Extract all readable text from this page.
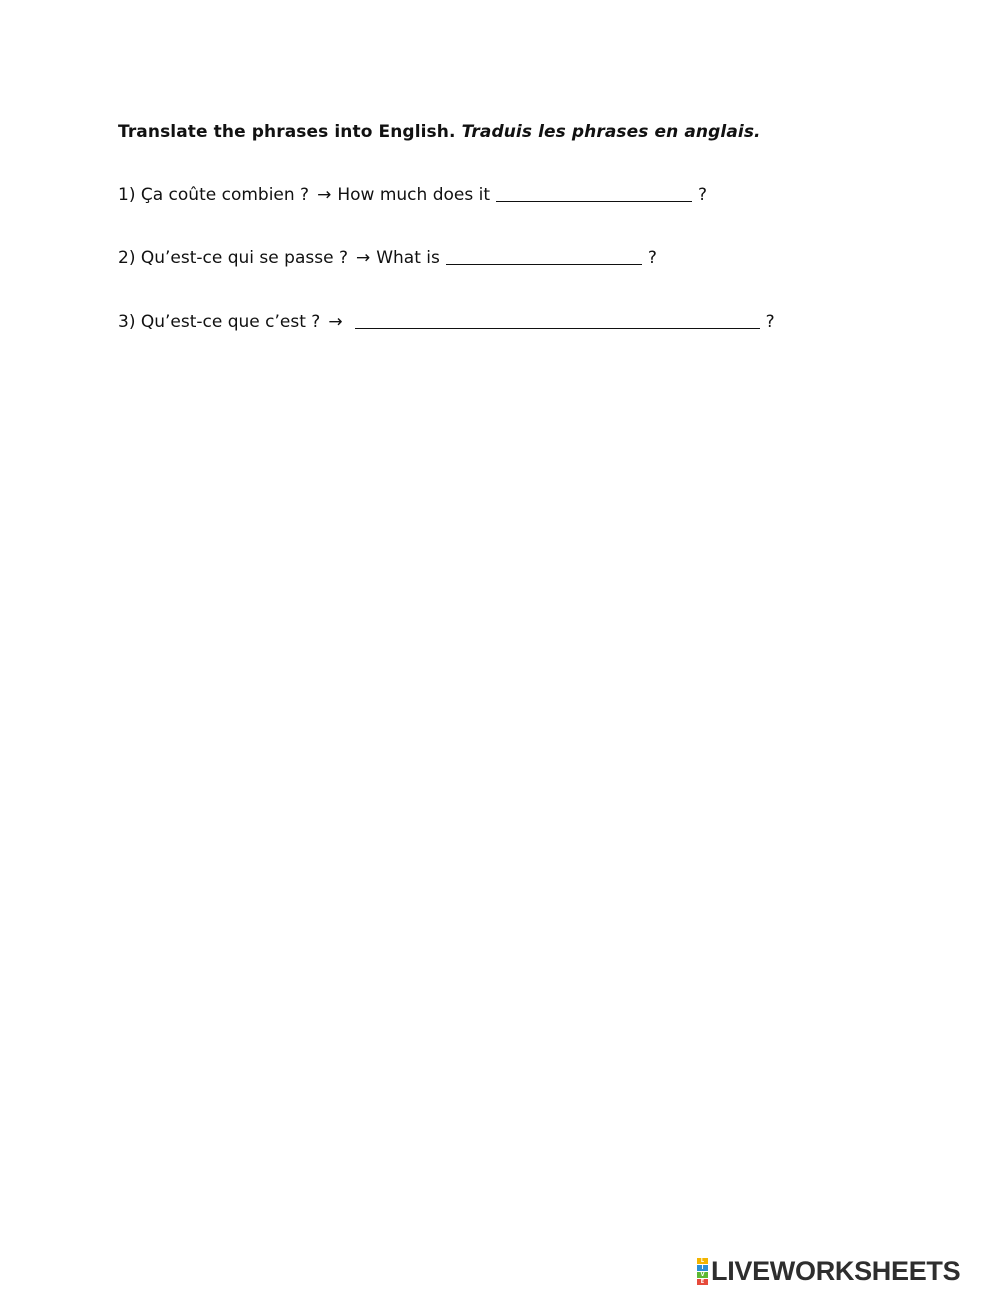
Translate the phrases into English. Traduis les phrases en anglais.
1)
Ça coûte combien ? → How much does it	?
2)
Qu’est-ce qui se passe ? → What is	?
3)
Qu’est-ce que c’est ? →	?
L
I
V
E LIVEWORKSHEETS
